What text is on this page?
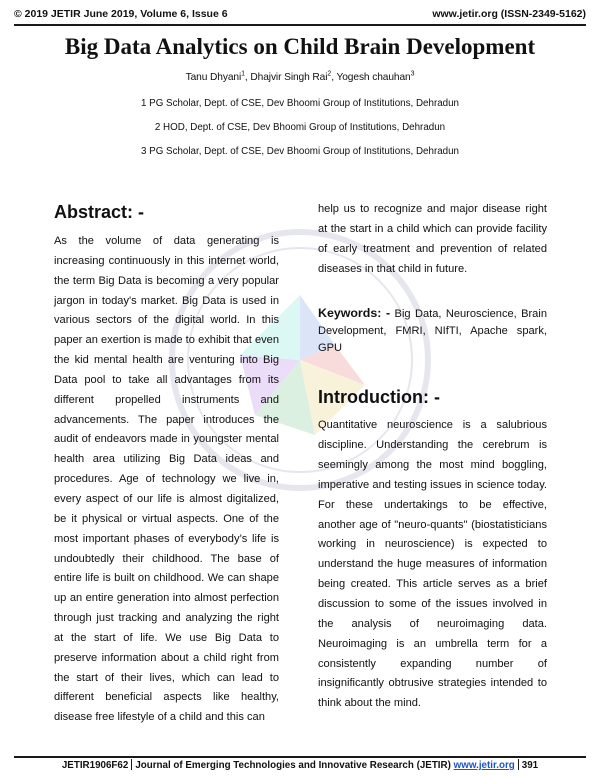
© 2019 JETIR June 2019, Volume 6, Issue 6	www.jetir.org (ISSN-2349-5162)
Big Data Analytics on Child Brain Development
Tanu Dhyani$^1$, Dhajvir Singh Rai$^2$, Yogesh chauhan$^3$
1 PG Scholar, Dept. of CSE, Dev Bhoomi Group of Institutions, Dehradun
2 HOD, Dept. of CSE, Dev Bhoomi Group of Institutions, Dehradun
3 PG Scholar, Dept. of CSE, Dev Bhoomi Group of Institutions, Dehradun
Abstract: -

As the volume of data generating is increasing continuously in this internet world, the term Big Data is becoming a very popular jargon in today's market. Big Data is used in various sectors of the digital world. In this paper an exertion is made to exhibit that even the kid mental health are venturing into Big Data pool to take all advantages from its different propelled instruments and advancements. The paper introduces the audit of endeavors made in youngster mental health area utilizing Big Data ideas and procedures. Age of technology we live in, every aspect of our life is almost digitalized, be it physical or virtual aspects. One of the most important phases of everybody’s life is undoubtedly their childhood. The base of entire life is built on childhood. We can shape up an entire generation into almost perfection through just tracking and analyzing the right at the start of life. We use Big Data to preserve information about a child right from the start of their lives, which can lead to different beneficial aspects like healthy, disease free lifestyle of a child and this can

help us to recognize and major disease right at the start in a child which can provide facility of early treatment and prevention of related diseases in that child in future.

Keywords: - Big Data, Neuroscience, Brain Development, FMRI, NIfTI, Apache spark, GPU

Introduction: -

Quantitative neuroscience is a salubrious discipline. Understanding the cerebrum is seemingly among the most mind boggling, imperative and testing issues in science today. For these undertakings to be effective, another age of "neuro-quants" (biostatisticians working in neuroscience) is expected to understand the huge measures of information being created. This article serves as a brief discussion to some of the issues involved in the analysis of neuroimaging data. Neuroimaging is an umbrella term for a consistently expanding number of insignificantly obtrusive strategies intended to think about the mind.

JETIR1906F62 Journal of Emerging Technologies and Innovative Research (JETIR) www.jetir.org 391
